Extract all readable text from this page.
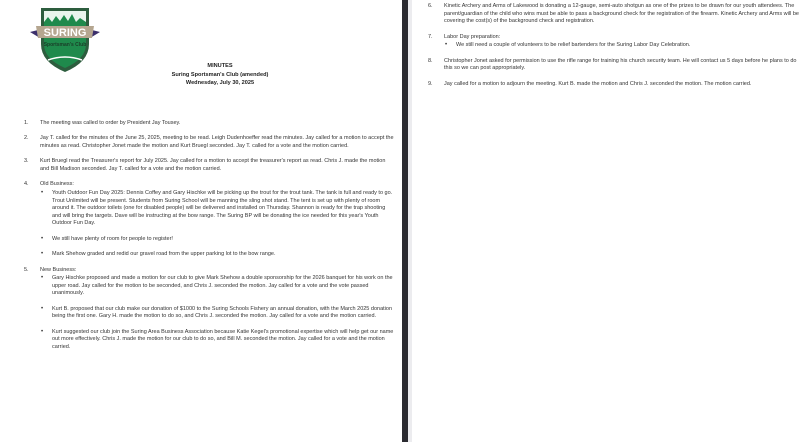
SURING
Sportsman's Club
MINUTES
Suring Sportsman's Club (amended)
Wednesday, July 30, 2025
1. The meeting was called to order by President Jay Tousey.
2. Jay T. called for the minutes of the June 25, 2025, meeting to be read. Leigh Dudenhoeffer read the minutes. Jay called for a motion to accept the minutes as read. Christopher Jonet made the motion and Kurt Bruegl seconded. Jay T. called for a vote and the motion carried.
3. Kurt Bruegl read the Treasurer's report for July 2025. Jay called for a motion to accept the treasurer's report as read. Chris J. made the motion and Bill Madison seconded. Jay T. called for a vote and the motion carried.
4. Old Business:
• Youth Outdoor Fun Day 2025: Dennis Coffey and Gary Hischke will be picking up the trout for the trout tank. The tank is full and ready to go. Trout Unlimited will be present. Students from Suring School will be manning the sling shot stand. The tent is set up with plenty of room around it. The outdoor toilets (one for disabled people) will be delivered and installed on Thursday. Shannon is ready for the trap shooting and will bring the targets. Dave will be instructing at the bow range. The Suring BP will be donating the ice needed for this year's Youth Outdoor Fun Day.
• We still have plenty of room for people to register!
• Mark Shehow graded and redid our gravel road from the upper parking lot to the bow range.
5. New Business:
• Gary Hischke proposed and made a motion for our club to give Mark Shehow a double sponsorship for the 2026 banquet for his work on the upper road. Jay called for the motion to be seconded, and Chris J. seconded the motion. Jay called for a vote and the vote passed unanimously.
• Kurt B. proposed that our club make our donation of $1000 to the Suring Schools Fishery an annual donation, with the March 2025 donation being the first one. Gary H. made the motion to do so, and Chris J. seconded the motion. Jay called for a vote and the motion carried.
• Kurt suggested our club join the Suring Area Business Association because Katie Kegel's promotional expertise which will help get our name out more effectively. Chris J. made the motion for our club to do so, and Bill M. seconded the motion. Jay called for a vote and the motion carried.
6. Kinetic Archery and Arms of Lakewood is donating a 12-gauge, semi-auto shotgun as one of the prizes to be drawn for our youth attendees. The parent/guardian of the child who wins must be able to pass a background check for the registration of the firearm. Kinetic Archery and Arms will be covering the cost(s) of the background check and registration.
7. Labor Day preparation:
• We still need a couple of volunteers to be relief bartenders for the Suring Labor Day Celebration.
8. Christopher Jonet asked for permission to use the rifle range for training his church security team. He will contact us 5 days before he plans to do this so we can post appropriately.
9. Jay called for a motion to adjourn the meeting. Kurt B. made the motion and Chris J. seconded the motion. The motion carried.
